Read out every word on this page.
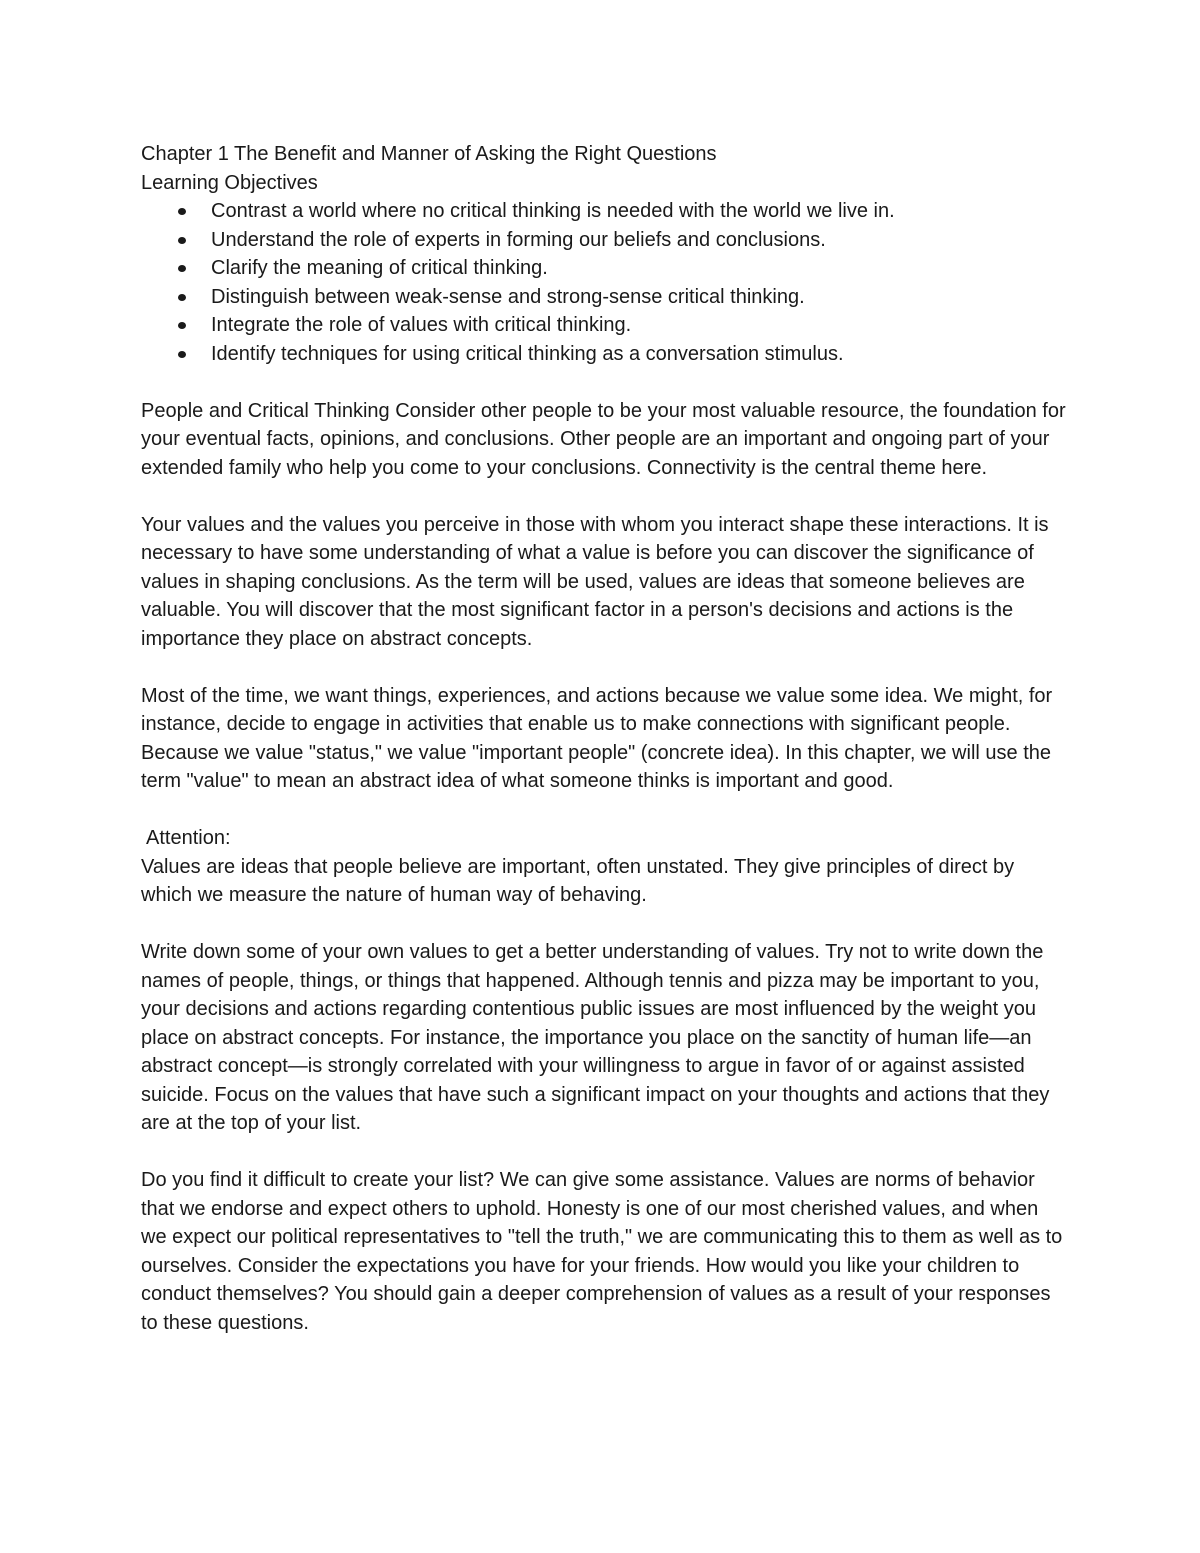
Chapter 1 The Benefit and Manner of Asking the Right Questions
Learning Objectives
Contrast a world where no critical thinking is needed with the world we live in.
Understand the role of experts in forming our beliefs and conclusions.
Clarify the meaning of critical thinking.
Distinguish between weak-sense and strong-sense critical thinking.
Integrate the role of values with critical thinking.
Identify techniques for using critical thinking as a conversation stimulus.

People and Critical Thinking Consider other people to be your most valuable resource, the foundation for your eventual facts, opinions, and conclusions. Other people are an important and ongoing part of your extended family who help you come to your conclusions. Connectivity is the central theme here.

Your values and the values you perceive in those with whom you interact shape these interactions. It is necessary to have some understanding of what a value is before you can discover the significance of values in shaping conclusions. As the term will be used, values are ideas that someone believes are valuable. You will discover that the most significant factor in a person's decisions and actions is the importance they place on abstract concepts.

Most of the time, we want things, experiences, and actions because we value some idea. We might, for instance, decide to engage in activities that enable us to make connections with significant people. Because we value "status," we value "important people" (concrete idea). In this chapter, we will use the term "value" to mean an abstract idea of what someone thinks is important and good.

Attention:

Values are ideas that people believe are important, often unstated. They give principles of direct by which we measure the nature of human way of behaving.

Write down some of your own values to get a better understanding of values. Try not to write down the names of people, things, or things that happened. Although tennis and pizza may be important to you, your decisions and actions regarding contentious public issues are most influenced by the weight you place on abstract concepts. For instance, the importance you place on the sanctity of human life—an abstract concept—is strongly correlated with your willingness to argue in favor of or against assisted suicide. Focus on the values that have such a significant impact on your thoughts and actions that they are at the top of your list.

Do you find it difficult to create your list? We can give some assistance. Values are norms of behavior that we endorse and expect others to uphold. Honesty is one of our most cherished values, and when we expect our political representatives to "tell the truth," we are communicating this to them as well as to ourselves. Consider the expectations you have for your friends. How would you like your children to conduct themselves? You should gain a deeper comprehension of values as a result of your responses to these questions.
